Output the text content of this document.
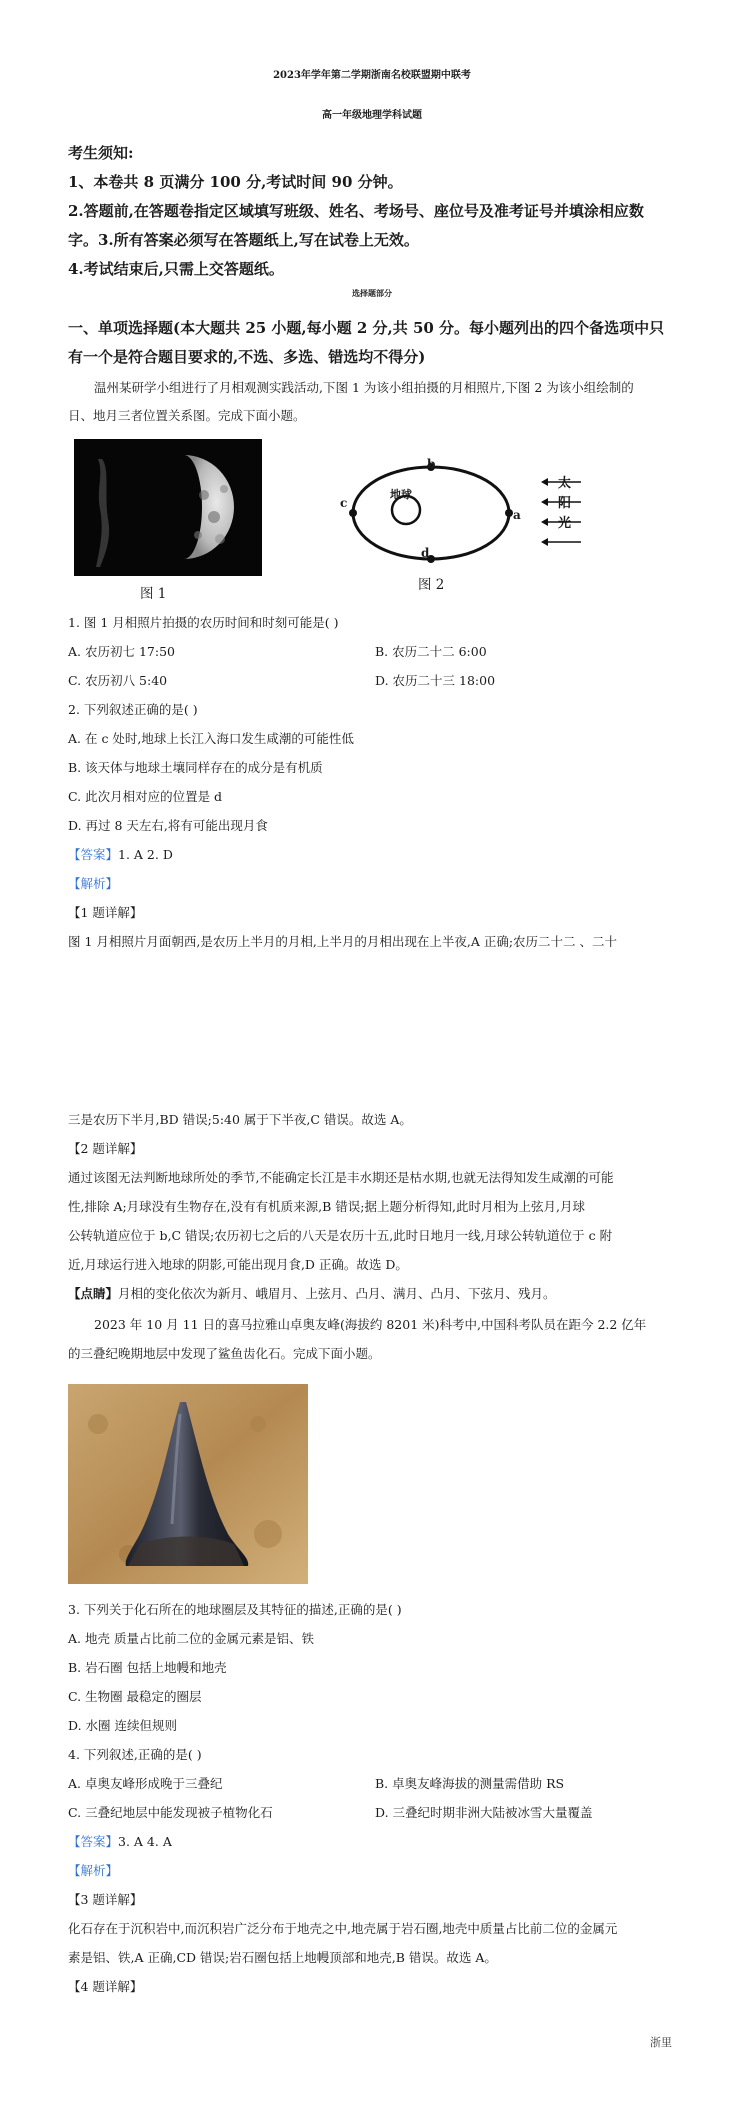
2023年学年第二学期浙南名校联盟期中联考
高一年级地理学科试题
考生须知:
1、本卷共 8 页满分 100 分,考试时间 90 分钟。
2.答题前,在答题卷指定区域填写班级、姓名、考场号、座位号及准考证号并填涂相应数
字。3.所有答案必须写在答题纸上,写在试卷上无效。
4.考试结束后,只需上交答题纸。
选择题部分
一、单项选择题(本大题共 25 小题,每小题 2 分,共 50 分。每小题列出的四个备选项中只
有一个是符合题目要求的,不选、多选、错选均不得分)
温州某研学小组进行了月相观测实践活动,下图 1 为该小组拍摄的月相照片,下图 2 为该小组绘制的
日、地月三者位置关系图。完成下面小题。
图 1
地球
b
a
c
d
太
阳
光
图 2
1. 图 1 月相照片拍摄的农历时间和时刻可能是( )
A. 农历初七 17:50	B. 农历二十二 6:00
C. 农历初八 5:40	D. 农历二十三 18:00
2. 下列叙述正确的是( )
A. 在 c 处时,地球上长江入海口发生咸潮的可能性低
B. 该天体与地球土壤同样存在的成分是有机质
C. 此次月相对应的位置是 d
D. 再过 8 天左右,将有可能出现月食
【答案】1. A 2. D
【解析】
【1 题详解】
图 1 月相照片月面朝西,是农历上半月的月相,上半月的月相出现在上半夜,A 正确;农历二十二 、二十
三是农历下半月,BD 错误;5:40 属于下半夜,C 错误。故选 A。
【2 题详解】
通过该图无法判断地球所处的季节,不能确定长江是丰水期还是枯水期,也就无法得知发生咸潮的可能
性,排除 A;月球没有生物存在,没有有机质来源,B 错误;据上题分析得知,此时月相为上弦月,月球
公转轨道应位于 b,C 错误;农历初七之后的八天是农历十五,此时日地月一线,月球公转轨道位于 c 附
近,月球运行进入地球的阴影,可能出现月食,D 正确。故选 D。
【点睛】月相的变化依次为新月、峨眉月、上弦月、凸月、满月、凸月、下弦月、残月。
2023 年 10 月 11 日的喜马拉雅山卓奥友峰(海拔约 8201 米)科考中,中国科考队员在距今 2.2 亿年
的三叠纪晚期地层中发现了鲨鱼齿化石。完成下面小题。
3. 下列关于化石所在的地球圈层及其特征的描述,正确的是( )
A. 地壳 质量占比前二位的金属元素是铝、铁
B. 岩石圈 包括上地幔和地壳
C. 生物圈 最稳定的圈层
D. 水圈 连续但规则
4. 下列叙述,正确的是( )
A. 卓奥友峰形成晚于三叠纪	B. 卓奥友峰海拔的测量需借助 RS
C. 三叠纪地层中能发现被子植物化石	D. 三叠纪时期非洲大陆被冰雪大量覆盖
【答案】3. A 4. A
【解析】
【3 题详解】
化石存在于沉积岩中,而沉积岩广泛分布于地壳之中,地壳属于岩石圈,地壳中质量占比前二位的金属元
素是铝、铁,A 正确,CD 错误;岩石圈包括上地幔顶部和地壳,B 错误。故选 A。
【4 题详解】
浙里
